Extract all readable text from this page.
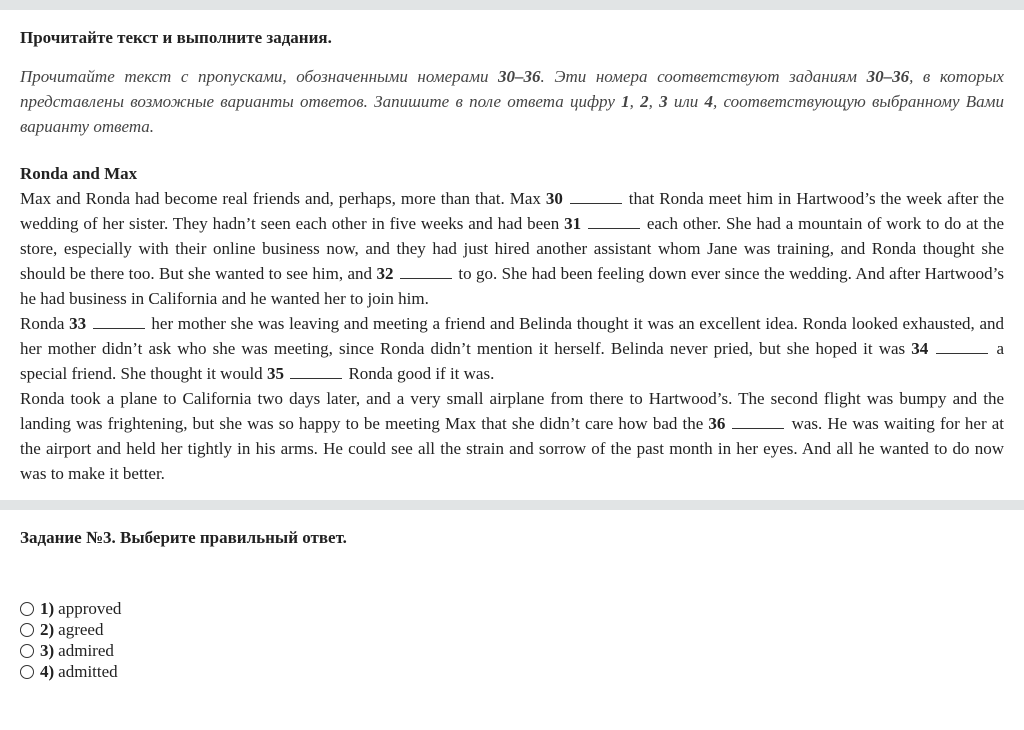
Прочитайте текст и выполните задания.
Прочитайте текст с пропусками, обозначенными номерами 30–36. Эти номера соответствуют заданиям 30–36, в которых представлены возможные варианты ответов. Запишите в поле ответа цифру 1, 2, 3 или 4, соответствующую выбранному Вами варианту ответа.
Ronda and Max

Max and Ronda had become real friends and, perhaps, more than that. Max 30	that Ronda meet him in Hartwood’s the week after the wedding of her sister. They hadn’t seen each other in five weeks and had been 31	each other. She had a mountain of work to do at the store, especially with their online business now, and they had just hired another assistant whom Jane was training, and Ronda thought she should be there too. But she wanted to see him, and 32	to go. She had been feeling down ever since the wedding. And after Hartwood’s he had business in California and he wanted her to join him.

Ronda 33	her mother she was leaving and meeting a friend and Belinda thought it was an excellent idea. Ronda looked exhausted, and her mother didn’t ask who she was meeting, since Ronda didn’t mention it herself. Belinda never pried, but she hoped it was 34	a special friend. She thought it would 35	Ronda good if it was.

Ronda took a plane to California two days later, and a very small airplane from there to Hartwood’s. The second flight was bumpy and the landing was frightening, but she was so happy to be meeting Max that she didn’t care how bad the 36	was. He was waiting for her at the airport and held her tightly in his arms. He could see all the strain and sorrow of the past month in her eyes. And all he wanted to do now was to make it better.

Задание №3. Выберите правильный ответ.
1) approved
2) agreed
3) admired
4) admitted
